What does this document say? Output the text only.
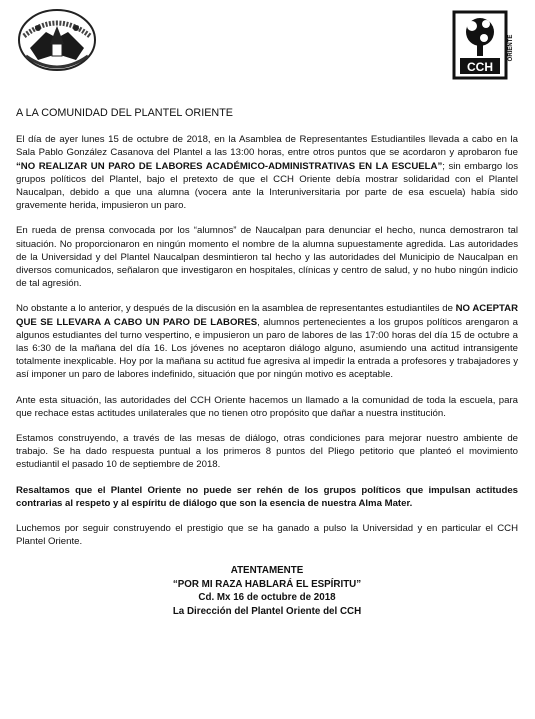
CCH
ORIENTE
A LA COMUNIDAD DEL PLANTEL ORIENTE

El día de ayer lunes 15 de octubre de 2018, en la Asamblea de Representantes Estudiantiles llevada a cabo en la Sala Pablo González Casanova del Plantel a las 13:00 horas, entre otros puntos que se acordaron y aprobaron fue “NO REALIZAR UN PARO DE LABORES ACADÉMICO-ADMINISTRATIVAS EN LA ESCUELA”; sin embargo los grupos políticos del Plantel, bajo el pretexto de que el CCH Oriente debía mostrar solidaridad con el Plantel Naucalpan, debido a que una alumna (vocera ante la Interuniversitaria por parte de esa escuela) había sido gravemente herida, impusieron un paro.

En rueda de prensa convocada por los “alumnos” de Naucalpan para denunciar el hecho, nunca demostraron tal situación. No proporcionaron en ningún momento el nombre de la alumna supuestamente agredida. Las autoridades de la Universidad y del Plantel Naucalpan desmintieron tal hecho y las autoridades del Municipio de Naucalpan en diversos comunicados, señalaron que investigaron en hospitales, clínicas y centro de salud, y no hubo ningún indicio de tal agresión.

No obstante a lo anterior, y después de la discusión en la asamblea de representantes estudiantiles de NO ACEPTAR QUE SE LLEVARA A CABO UN PARO DE LABORES, alumnos pertenecientes a los grupos políticos arengaron a algunos estudiantes del turno vespertino, e impusieron un paro de labores de las 17:00 horas del día 15 de octubre a las 6:30 de la mañana del día 16. Los jóvenes no aceptaron diálogo alguno, asumiendo una actitud intransigente totalmente inexplicable. Hoy por la mañana su actitud fue agresiva al impedir la entrada a profesores y trabajadores y así imponer un paro de labores indefinido, situación que por ningún motivo es aceptable.

Ante esta situación, las autoridades del CCH Oriente hacemos un llamado a la comunidad de toda la escuela, para que rechace estas actitudes unilaterales que no tienen otro propósito que dañar a nuestra institución.

Estamos construyendo, a través de las mesas de diálogo, otras condiciones para mejorar nuestro ambiente de trabajo. Se ha dado respuesta puntual a los primeros 8 puntos del Pliego petitorio que planteó el movimiento estudiantil el pasado 10 de septiembre de 2018.

Resaltamos que el Plantel Oriente no puede ser rehén de los grupos políticos que impulsan actitudes contrarias al respeto y al espíritu de diálogo que son la esencia de nuestra Alma Mater.

Luchemos por seguir construyendo el prestigio que se ha ganado a pulso la Universidad y en particular el CCH Plantel Oriente.

ATENTAMENTE
“POR MI RAZA HABLARÁ EL ESPÍRITU”
Cd. Mx 16 de octubre de 2018
La Dirección del Plantel Oriente del CCH
